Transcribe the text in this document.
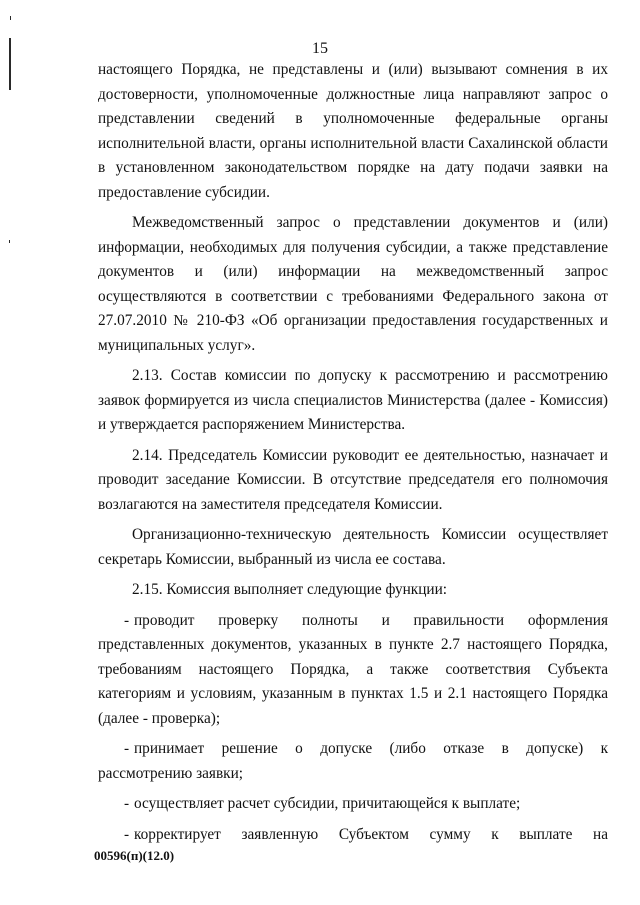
15

настоящего Порядка, не представлены и (или) вызывают сомнения в их

достоверности, уполномоченные должностные лица направляют запрос о

представлении сведений в уполномоченные федеральные органы

исполнительной власти, органы исполнительной власти Сахалинской области

в установленном законодательством порядке на дату подачи заявки на

предоставление субсидии.

Межведомственный запрос о представлении документов и (или)

информации, необходимых для получения субсидии, а также представление

документов и (или) информации на межведомственный запрос

осуществляются в соответствии с требованиями Федерального закона от

27.07.2010 № 210-ФЗ «Об организации предоставления государственных и

муниципальных услуг».

2.13. Состав комиссии по допуску к рассмотрению и рассмотрению

заявок формируется из числа специалистов Министерства (далее - Комиссия)

и утверждается распоряжением Министерства.

2.14. Председатель Комиссии руководит ее деятельностью, назначает и

проводит заседание Комиссии. В отсутствие председателя его полномочия

возлагаются на заместителя председателя Комиссии.

Организационно-техническую деятельность Комиссии осуществляет

секретарь Комиссии, выбранный из числа ее состава.

2.15. Комиссия выполняет следующие функции:

- проводит проверку полноты и правильности оформления

представленных документов, указанных в пункте 2.7 настоящего Порядка,

требованиям настоящего Порядка, а также соответствия Субъекта

категориям и условиям, указанным в пунктах 1.5 и 2.1 настоящего Порядка

(далее - проверка);

- принимает решение о допуске (либо отказе в допуске) к

рассмотрению заявки;

- осуществляет расчет субсидии, причитающейся к выплате;

- корректирует заявленную Субъектом сумму к выплате на

00596(п)(12.0)
